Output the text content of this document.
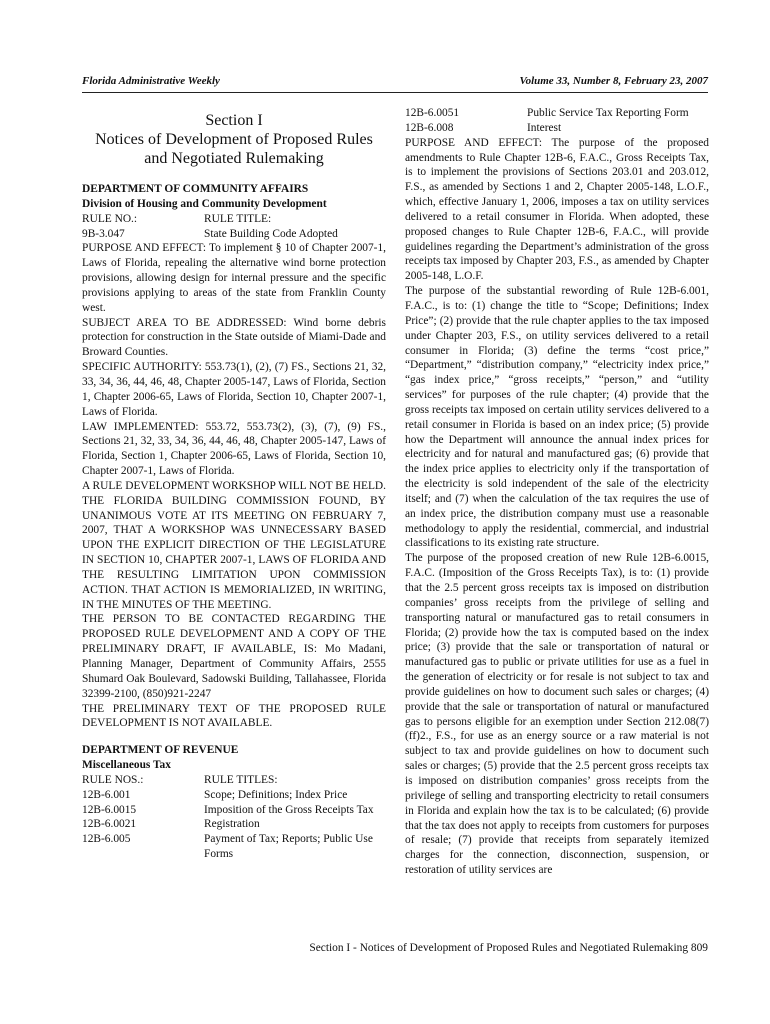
Florida Administrative Weekly	Volume 33, Number 8, February 23, 2007
Section I
Notices of Development of Proposed Rules
and Negotiated Rulemaking

DEPARTMENT OF COMMUNITY AFFAIRS

Division of Housing and Community Development

RULE NO.:	RULE TITLE:
9B-3.047	State Building Code Adopted

PURPOSE AND EFFECT: To implement § 10 of Chapter 2007-1, Laws of Florida, repealing the alternative wind borne protection provisions, allowing design for internal pressure and the specific provisions applying to areas of the state from Franklin County west.

SUBJECT AREA TO BE ADDRESSED: Wind borne debris protection for construction in the State outside of Miami-Dade and Broward Counties.

SPECIFIC AUTHORITY: 553.73(1), (2), (7) FS., Sections 21, 32, 33, 34, 36, 44, 46, 48, Chapter 2005-147, Laws of Florida, Section 1, Chapter 2006-65, Laws of Florida, Section 10, Chapter 2007-1, Laws of Florida.

LAW IMPLEMENTED: 553.72, 553.73(2), (3), (7), (9) FS., Sections 21, 32, 33, 34, 36, 44, 46, 48, Chapter 2005-147, Laws of Florida, Section 1, Chapter 2006-65, Laws of Florida, Section 10, Chapter 2007-1, Laws of Florida.

A RULE DEVELOPMENT WORKSHOP WILL NOT BE HELD. THE FLORIDA BUILDING COMMISSION FOUND, BY UNANIMOUS VOTE AT ITS MEETING ON FEBRUARY 7, 2007, THAT A WORKSHOP WAS UNNECESSARY BASED UPON THE EXPLICIT DIRECTION OF THE LEGISLATURE IN SECTION 10, CHAPTER 2007-1, LAWS OF FLORIDA AND THE RESULTING LIMITATION UPON COMMISSION ACTION. THAT ACTION IS MEMORIALIZED, IN WRITING, IN THE MINUTES OF THE MEETING.

THE PERSON TO BE CONTACTED REGARDING THE PROPOSED RULE DEVELOPMENT AND A COPY OF THE PRELIMINARY DRAFT, IF AVAILABLE, IS: Mo Madani, Planning Manager, Department of Community Affairs, 2555 Shumard Oak Boulevard, Sadowski Building, Tallahassee, Florida 32399-2100, (850)921-2247

THE PRELIMINARY TEXT OF THE PROPOSED RULE DEVELOPMENT IS NOT AVAILABLE.

DEPARTMENT OF REVENUE

Miscellaneous Tax

RULE NOS.:	RULE TITLES:
12B-6.001	Scope; Definitions; Index Price
12B-6.0015	Imposition of the Gross Receipts Tax
12B-6.0021	Registration
12B-6.005	Payment of Tax; Reports; Public Use Forms
12B-6.0051	Public Service Tax Reporting Form
12B-6.008	Interest

PURPOSE AND EFFECT: The purpose of the proposed amendments to Rule Chapter 12B-6, F.A.C., Gross Receipts Tax, is to implement the provisions of Sections 203.01 and 203.012, F.S., as amended by Sections 1 and 2, Chapter 2005-148, L.O.F., which, effective January 1, 2006, imposes a tax on utility services delivered to a retail consumer in Florida. When adopted, these proposed changes to Rule Chapter 12B-6, F.A.C., will provide guidelines regarding the Department’s administration of the gross receipts tax imposed by Chapter 203, F.S., as amended by Chapter 2005-148, L.O.F.

The purpose of the substantial rewording of Rule 12B-6.001, F.A.C., is to: (1) change the title to “Scope; Definitions; Index Price”; (2) provide that the rule chapter applies to the tax imposed under Chapter 203, F.S., on utility services delivered to a retail consumer in Florida; (3) define the terms “cost price,” “Department,” “distribution company,” “electricity index price,” “gas index price,” “gross receipts,” “person,” and “utility services” for purposes of the rule chapter; (4) provide that the gross receipts tax imposed on certain utility services delivered to a retail consumer in Florida is based on an index price; (5) provide how the Department will announce the annual index prices for electricity and for natural and manufactured gas; (6) provide that the index price applies to electricity only if the transportation of the electricity is sold independent of the sale of the electricity itself; and (7) when the calculation of the tax requires the use of an index price, the distribution company must use a reasonable methodology to apply the residential, commercial, and industrial classifications to its existing rate structure.

The purpose of the proposed creation of new Rule 12B-6.0015, F.A.C. (Imposition of the Gross Receipts Tax), is to: (1) provide that the 2.5 percent gross receipts tax is imposed on distribution companies’ gross receipts from the privilege of selling and transporting natural or manufactured gas to retail consumers in Florida; (2) provide how the tax is computed based on the index price; (3) provide that the sale or transportation of natural or manufactured gas to public or private utilities for use as a fuel in the generation of electricity or for resale is not subject to tax and provide guidelines on how to document such sales or charges; (4) provide that the sale or transportation of natural or manufactured gas to persons eligible for an exemption under Section 212.08(7)(ff)2., F.S., for use as an energy source or a raw material is not subject to tax and provide guidelines on how to document such sales or charges; (5) provide that the 2.5 percent gross receipts tax is imposed on distribution companies’ gross receipts from the privilege of selling and transporting electricity to retail consumers in Florida and explain how the tax is to be calculated; (6) provide that the tax does not apply to receipts from customers for purposes of resale; (7) provide that receipts from separately itemized charges for the connection, disconnection, suspension, or restoration of utility services are

Section I - Notices of Development of Proposed Rules and Negotiated Rulemaking 809
